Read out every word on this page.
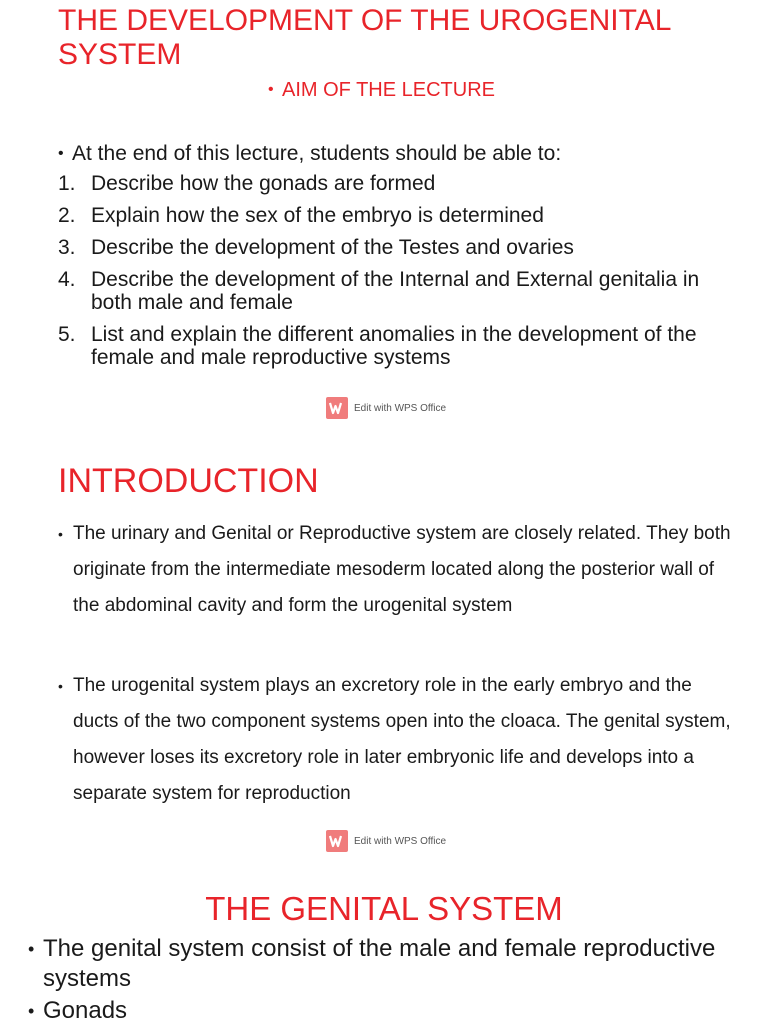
THE DEVELOPMENT OF THE UROGENITAL SYSTEM
• AIM OF THE LECTURE
• At the end of this lecture, students should be able to:
1. Describe how the gonads are formed
2. Explain how the sex of the embryo is determined
3. Describe the development of the Testes and ovaries
4. Describe the development of the Internal and External genitalia in both male and female
5. List and explain the different anomalies in the development of the female and male reproductive systems
Edit with WPS Office
INTRODUCTION
• The urinary and Genital or Reproductive system are closely related. They both originate from the intermediate mesoderm located along the posterior wall of the abdominal cavity and form the urogenital system
• The urogenital system plays an excretory role in the early embryo and the ducts of the two component systems open into the cloaca. The genital system, however loses its excretory role in later embryonic life and develops into a separate system for reproduction
Edit with WPS Office
THE GENITAL SYSTEM
• The genital system consist of the male and female reproductive systems
• Gonads
